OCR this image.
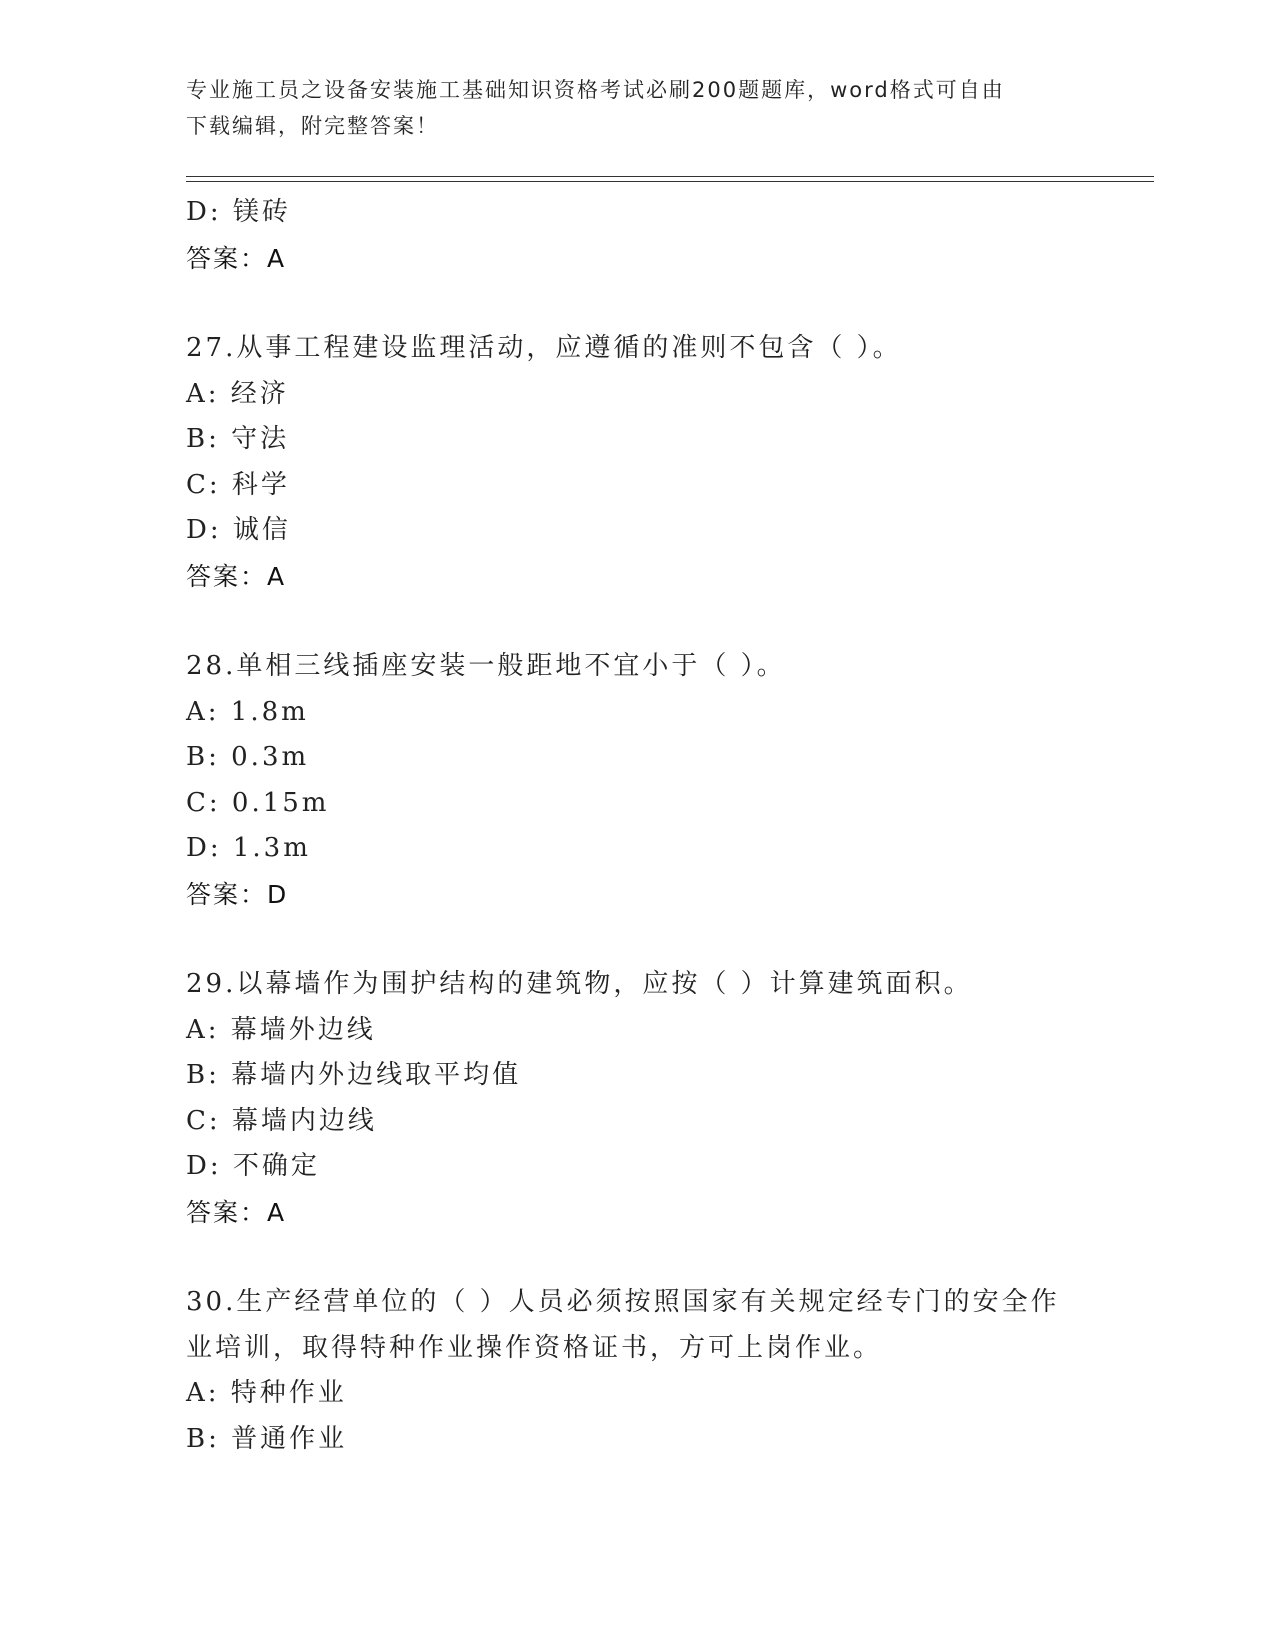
专业施工员之设备安装施工基础知识资格考试必刷200题题库，word格式可自由
下载编辑，附完整答案！
D: 镁砖
答案：A
27.从事工程建设监理活动，应遵循的准则不包含（ ）。
A: 经济
B: 守法
C: 科学
D: 诚信
答案：A
28.单相三线插座安装一般距地不宜小于（ ）。
A: 1.8m
B: 0.3m
C: 0.15m
D: 1.3m
答案：D
29.以幕墙作为围护结构的建筑物，应按（ ）计算建筑面积。
A: 幕墙外边线
B: 幕墙内外边线取平均值
C: 幕墙内边线
D: 不确定
答案：A
30.生产经营单位的（ ）人员必须按照国家有关规定经专门的安全作
业培训，取得特种作业操作资格证书，方可上岗作业。
A: 特种作业
B: 普通作业
